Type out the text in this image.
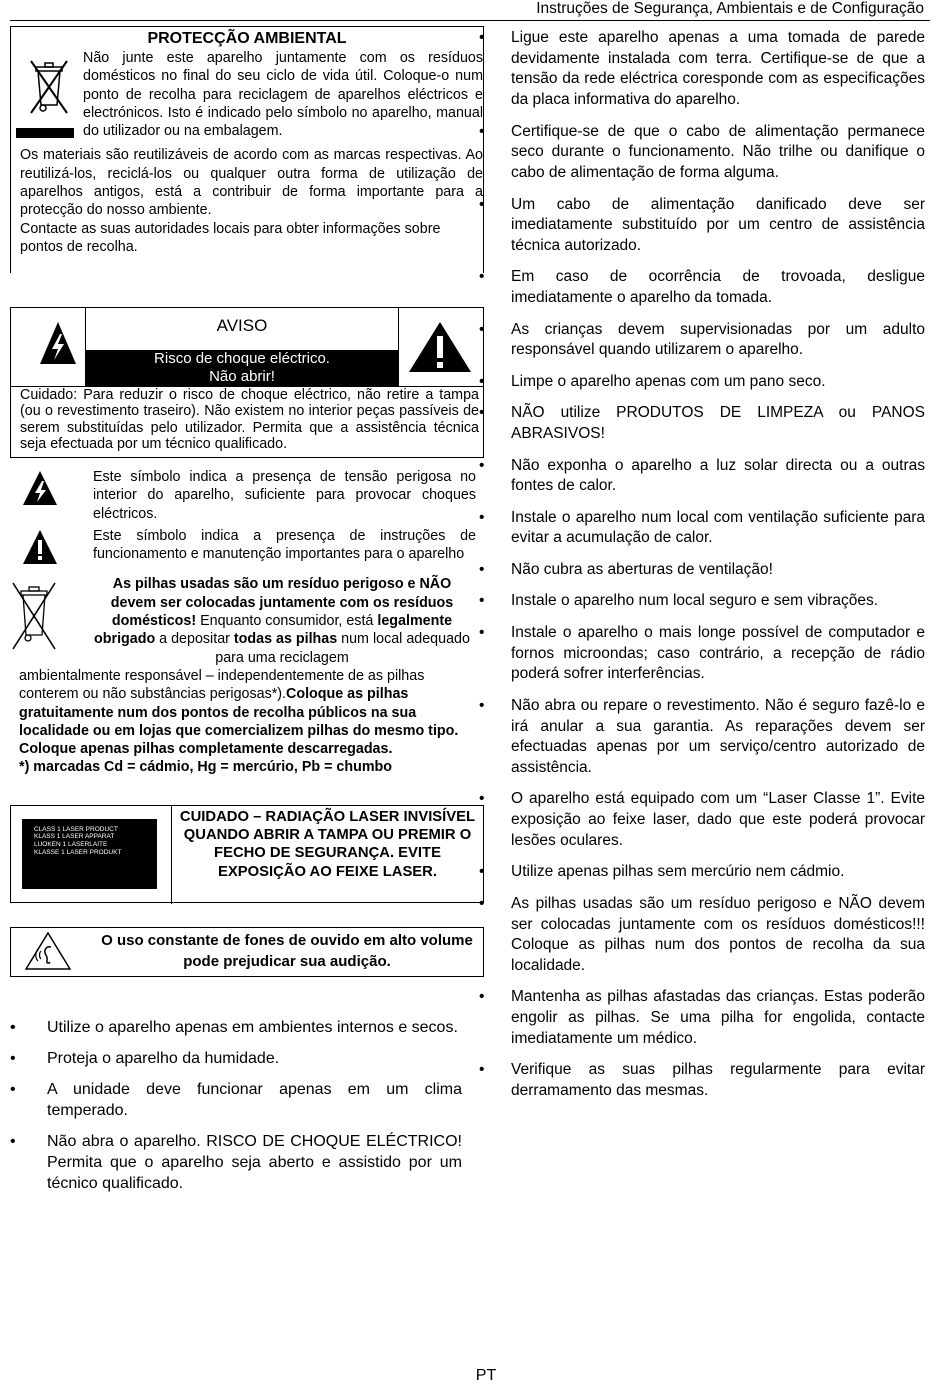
Instruções de Segurança, Ambientais e de Configuração
PROTECÇÃO AMBIENTAL

Não junte este aparelho juntamente com os resíduos domésticos no final do seu ciclo de vida útil. Coloque-o num ponto de recolha para reciclagem de aparelhos eléctricos e electrónicos. Isto é indicado pelo símbolo no aparelho, manual do utilizador ou na embalagem.

Os materiais são reutilizáveis de acordo com as marcas respectivas. Ao reutilizá-los, reciclá-los ou qualquer outra forma de utilização de aparelhos antigos, está a contribuir de forma importante para a protecção do nosso ambiente.

Contacte as suas autoridades locais para obter informações sobre pontos de recolha.

AVISO
Risco de choque eléctrico.
Não abrir!
Cuidado: Para reduzir o risco de choque eléctrico, não retire a tampa (ou o revestimento traseiro). Não existem no interior peças passíveis de serem substituídas pelo utilizador. Permita que a assistência técnica seja efectuada por um técnico qualificado.
Este símbolo indica a presença de tensão perigosa no interior do aparelho, suficiente para provocar choques eléctricos.
Este símbolo indica a presença de instruções de funcionamento e manutenção importantes para o aparelho
As pilhas usadas são um resíduo perigoso e NÃO devem ser colocadas juntamente com os resíduos domésticos! Enquanto consumidor, está legalmente obrigado a depositar todas as pilhas num local adequado para uma reciclagem
ambientalmente responsável – independentemente de as pilhas conterem ou não substâncias perigosas*).Coloque as pilhas gratuitamente num dos pontos de recolha públicos na sua localidade ou em lojas que comercializem pilhas do mesmo tipo.
Coloque apenas pilhas completamente descarregadas.
*) marcadas Cd = cádmio, Hg = mercúrio, Pb = chumbo
CLASS 1 LASER PRODUCT
KLASS 1 LASER APPARAT
LUOKEN 1 LASERLAITE
KLASSE 1 LASER PRODUKT
CUIDADO – RADIAÇÃO LASER INVISÍVEL QUANDO ABRIR A TAMPA OU PREMIR O FECHO DE SEGURANÇA. EVITE EXPOSIÇÃO AO FEIXE LASER.
O uso constante de fones de ouvido em alto volume pode prejudicar sua audição.
• Utilize o aparelho apenas em ambientes internos e secos.
• Proteja o aparelho da humidade.
• A unidade deve funcionar apenas em um clima temperado.
• Não abra o aparelho. RISCO DE CHOQUE ELÉCTRICO! Permita que o aparelho seja aberto e assistido por um técnico qualificado.
• Ligue este aparelho apenas a uma tomada de parede devidamente instalada com terra. Certifique-se de que a tensão da rede eléctrica coresponde com as especificações da placa informativa do aparelho.
• Certifique-se de que o cabo de alimentação permanece seco durante o funcionamento. Não trilhe ou danifique o cabo de alimentação de forma alguma.
• Um cabo de alimentação danificado deve ser imediatamente substituído por um centro de assistência técnica autorizado.
• Em caso de ocorrência de trovoada, desligue imediatamente o aparelho da tomada.
• As crianças devem supervisionadas por um adulto responsável quando utilizarem o aparelho.
• Limpe o aparelho apenas com um pano seco.
• NÃO utilize PRODUTOS DE LIMPEZA ou PANOS ABRASIVOS!
• Não exponha o aparelho a luz solar directa ou a outras fontes de calor.
• Instale o aparelho num local com ventilação suficiente para evitar a acumulação de calor.
• Não cubra as aberturas de ventilação!
• Instale o aparelho num local seguro e sem vibrações.
• Instale o aparelho o mais longe possível de computador e fornos microondas; caso contrário, a recepção de rádio poderá sofrer interferências.
• Não abra ou repare o revestimento. Não é seguro fazê-lo e irá anular a sua garantia. As reparações devem ser efectuadas apenas por um serviço/centro autorizado de assistência.
• O aparelho está equipado com um “Laser Classe 1”. Evite exposição ao feixe laser, dado que este poderá provocar lesões oculares.
• Utilize apenas pilhas sem mercúrio nem cádmio.
• As pilhas usadas são um resíduo perigoso e NÃO devem ser colocadas juntamente com os resíduos domésticos!!! Coloque as pilhas num dos pontos de recolha da sua localidade.
• Mantenha as pilhas afastadas das crianças. Estas poderão engolir as pilhas. Se uma pilha for engolida, contacte imediatamente um médico.
• Verifique as suas pilhas regularmente para evitar derramamento das mesmas.
PT
